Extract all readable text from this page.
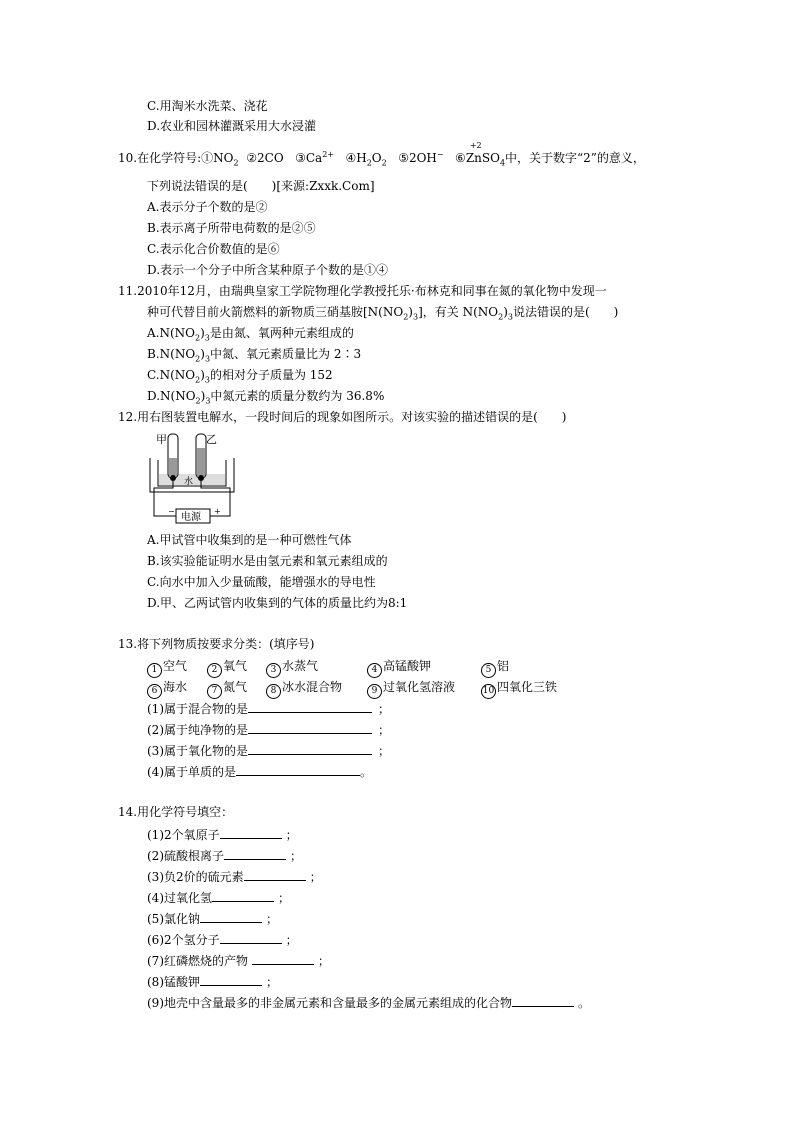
C.用淘米水洗菜、浇花
D.农业和园林灌溉采用大水浸灌
10.在化学符号$:①NO_2$ ②2CO   $③Ca^{2+}$ $④H_2O_2$ ⑤2OH− ⑥
+2
ZnSO$_4$中，关于数字“2”的意义，
下列说法错误的是(　　)[来源:Zxxk.Com]
A.表示分子个数的是②
B.表示离子所带电荷数的是②⑤
C.表示化合价数值的是⑥
D.表示一个分子中所含某种原子个数的是①④
11.2010年12月，由瑞典皇家工学院物理化学教授托乐·布林克和同事在氮的氧化物中发现一
种可代替目前火箭燃料的新物质三硝基胺$[N(NO_2)_3]$，有关 $N(NO_2)_3$说法错误的是(　　)
$A.N(NO_2)_3$是由氮、氧两种元素组成的
$B.N(NO_2)_3$中氮、氧元素质量比为 2∶3
$C.N(NO_2)_3$的相对分子质量为 152
$D.N(NO_2)_3$中氮元素的质量分数约为 36.8%
12.用右图装置电解水，一段时间后的现象如图所示。对该实验的描述错误的是(　　)
甲	乙
水
电源
−	+
A.甲试管中收集到的是一种可燃性气体
B.该实验能证明水是由氢元素和氧元素组成的
C.向水中加入少量硫酸，能增强水的导电性
D.甲、乙两试管内收集到的气体的质量比约为8:1
13.将下列物质按要求分类：(填序号)
1 空气	2 氧气	3 水蒸气	4 高锰酸钾	5 铝
6 海水	7 氮气	8 冰水混合物	9 过氧化氢溶液	10 四氧化三铁
(1)属于混合物的是	；
(2)属于纯净物的是	；
(3)属于氧化物的是	；
(4)属于单质的是	。
14.用化学符号填空：
(1)2个氧原子	；
(2)硫酸根离子	；
(3)负2价的硫元素	；
(4)过氧化氢	；
(5)氯化钠	；
(6)2个氢分子	；
(7)红磷燃烧的产物	；
(8)锰酸钾	；
(9)地壳中含量最多的非金属元素和含量最多的金属元素组成的化合物	。
